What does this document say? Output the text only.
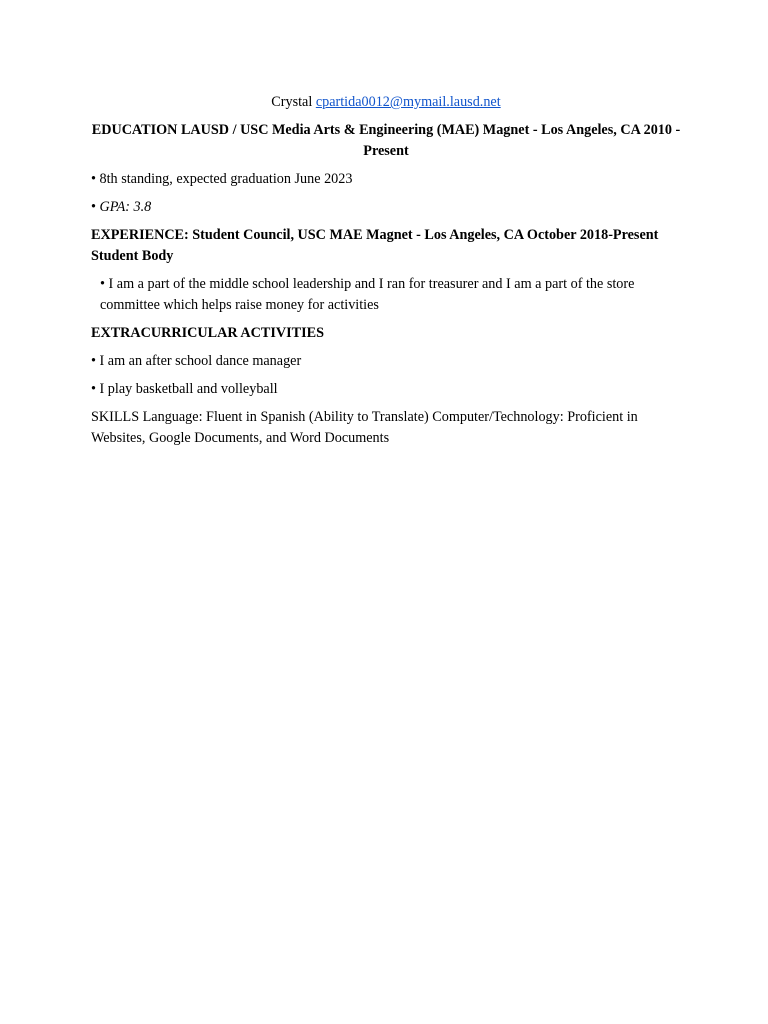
Crystal cpartida0012@mymail.lausd.net

EDUCATION LAUSD / USC Media Arts & Engineering (MAE) Magnet - Los Angeles, CA 2010 - Present

• 8th standing, expected graduation June 2023

• GPA: 3.8

EXPERIENCE: Student Council, USC MAE Magnet - Los Angeles, CA October 2018-Present Student Body

• I am a part of the middle school leadership and I ran for treasurer and I am a part of the store committee which helps raise money for activities

EXTRACURRICULAR ACTIVITIES

• I am an after school dance manager

• I play basketball and volleyball

SKILLS Language: Fluent in Spanish (Ability to Translate) Computer/Technology: Proficient in Websites, Google Documents, and Word Documents
